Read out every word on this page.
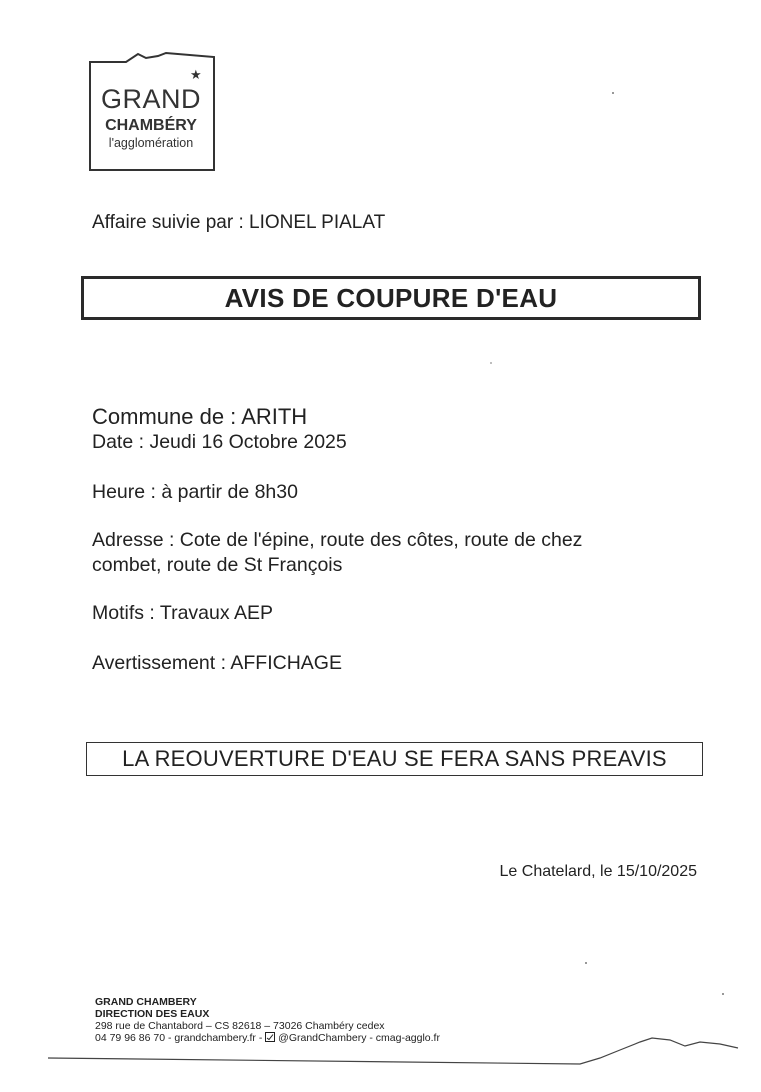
★
GRAND
CHAMBÉRY
l'agglomération
Affaire suivie par : LIONEL PIALAT
AVIS DE COUPURE D'EAU
Commune de : ARITH
Date : Jeudi 16 Octobre 2025
Heure : à partir de 8h30
Adresse : Cote de l'épine, route des côtes, route de chez combet, route de St François
Motifs : Travaux AEP
Avertissement : AFFICHAGE
LA REOUVERTURE D'EAU SE FERA SANS PREAVIS
Le Chatelard, le 15/10/2025
GRAND CHAMBERY
DIRECTION DES EAUX
298 rue de Chantabord – CS 82618 – 73026 Chambéry cedex
04 79 96 86 70 - grandchambery.fr -  @GrandChambery - cmag-agglo.fr
